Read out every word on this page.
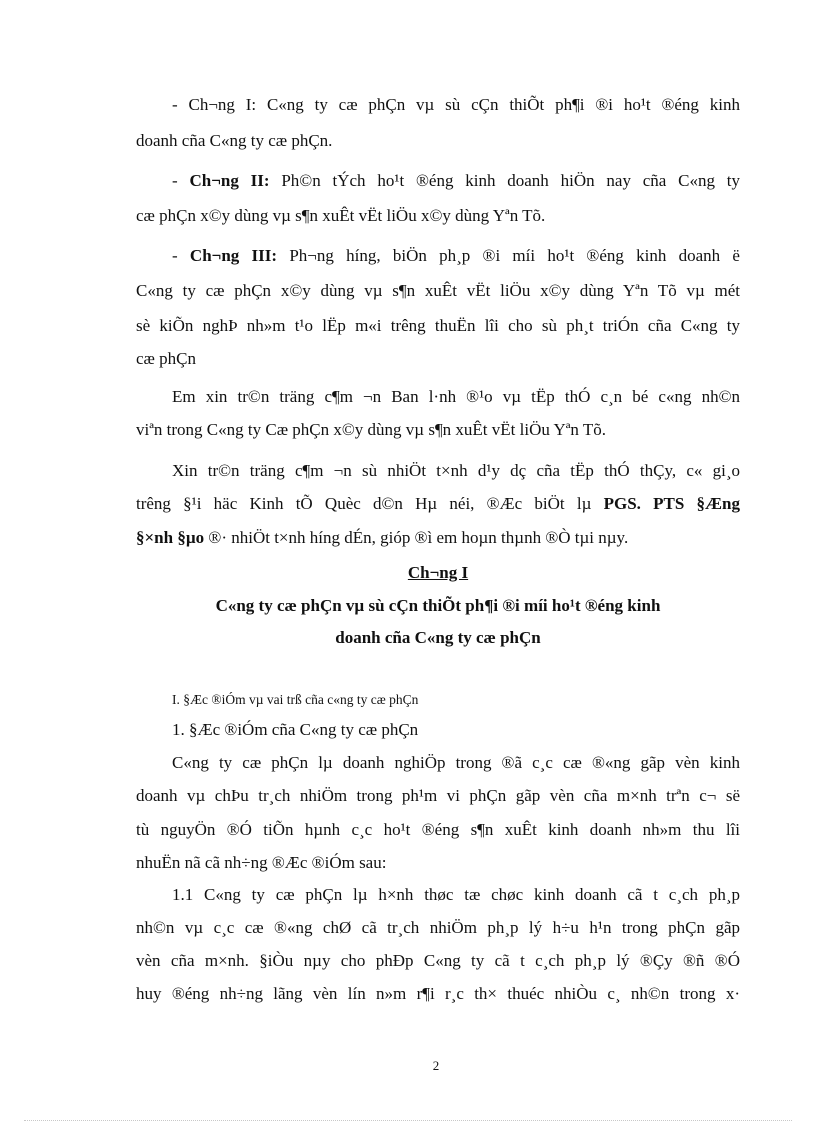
- Ch¬ng I: C«ng ty cæ phÇn vµ sù cÇn thiÕt ph¶i ®i ho¹t ®éng kinh
doanh cña C«ng ty cæ phÇn.
- Ch¬ng II: Ph©n tÝch ho¹t ®éng kinh doanh hiÖn nay cña C«ng ty
cæ phÇn x©y dùng vµ s¶n xuÊt vËt liÖu x©y dùng Yªn Tõ.
- Ch¬ng III: Ph¬ng híng, biÖn ph¸p ®i míi ho¹t ®éng kinh doanh ë
C«ng ty cæ phÇn x©y dùng vµ s¶n xuÊt vËt liÖu x©y dùng Yªn Tõ vµ mét
sè kiÕn nghÞ nh»m t¹o lËp m«i trêng thuËn lîi cho sù ph¸t triÓn cña C«ng ty
cæ phÇn
Em xin tr©n träng c¶m ¬n Ban l·nh ®¹o vµ tËp thÓ c¸n bé c«ng nh©n
viªn trong C«ng ty Cæ phÇn x©y dùng vµ s¶n xuÊt vËt liÖu Yªn Tõ.
Xin tr©n träng c¶m ¬n sù nhiÖt t×nh d¹y dç cña tËp thÓ thÇy, c« gi¸o
trêng §¹i häc Kinh tÕ Quèc d©n Hµ néi, ®Æc biÖt lµ PGS. PTS §Æng
§×nh §µo ®· nhiÖt t×nh híng dÉn, gióp ®ì em hoµn thµnh ®Ò tµi nµy.
Ch¬ng I
C«ng ty cæ phÇn vµ sù cÇn thiÕt ph¶i ®i míi ho¹t ®éng kinh
doanh cña C«ng ty cæ phÇn
I. §Æc ®iÓm vµ vai trß cña c«ng ty cæ phÇn
1. §Æc ®iÓm cña C«ng ty cæ phÇn
C«ng ty cæ phÇn lµ doanh nghiÖp trong ®ã c¸c cæ ®«ng gãp vèn kinh
doanh vµ chÞu tr¸ch nhiÖm trong ph¹m vi phÇn gãp vèn cña m×nh trªn c¬ së
tù nguyÖn ®Ó tiÕn hµnh c¸c ho¹t ®éng s¶n xuÊt kinh doanh nh»m thu lîi
nhuËn nã cã nh÷ng ®Æc ®iÓm sau:
1.1 C«ng ty cæ phÇn lµ h×nh thøc tæ chøc kinh doanh cã t c¸ch ph¸p
nh©n vµ c¸c cæ ®«ng chØ cã tr¸ch nhiÖm ph¸p lý h÷u h¹n trong phÇn gãp
vèn cña m×nh. §iÒu nµy cho phÐp C«ng ty cã t c¸ch ph¸p lý ®Çy ®ñ ®Ó
huy ®éng nh÷ng lãng vèn lín n»m r¶i r¸c th× thuéc nhiÒu c¸ nh©n trong x·
2
